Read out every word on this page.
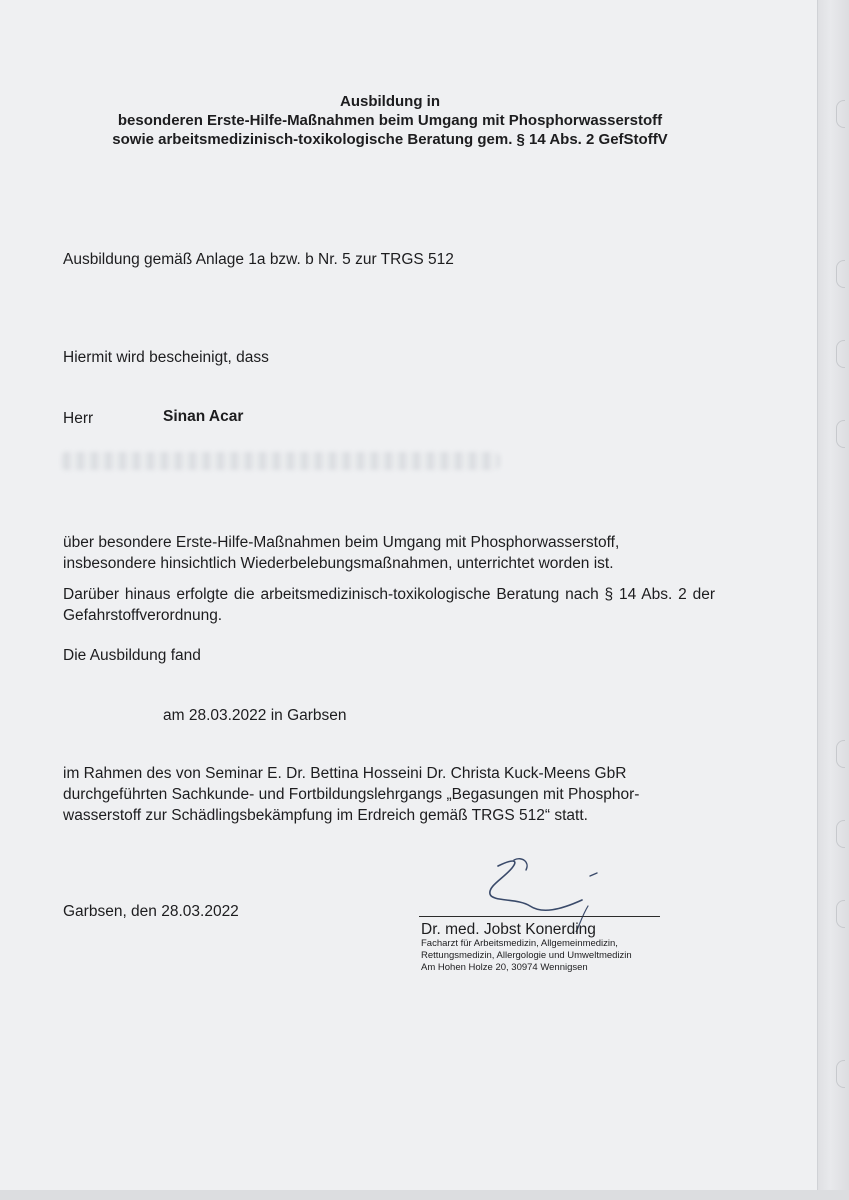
Ausbildung in
besonderen Erste-Hilfe-Maßnahmen beim Umgang mit Phosphorwasserstoff
sowie arbeitsmedizinisch-toxikologische Beratung gem. § 14 Abs. 2 GefStoffV
Ausbildung gemäß Anlage 1a bzw. b Nr. 5 zur TRGS 512
Hiermit wird bescheinigt, dass
Herr	Sinan Acar
über besondere Erste-Hilfe-Maßnahmen beim Umgang mit Phosphorwasserstoff,
insbesondere hinsichtlich Wiederbelebungsmaßnahmen, unterrichtet worden ist.
Darüber hinaus erfolgte die arbeitsmedizinisch-toxikologische Beratung nach § 14 Abs. 2 der Gefahrstoffverordnung.
Die Ausbildung fand
am 28.03.2022 in Garbsen
im Rahmen des von Seminar E. Dr. Bettina Hosseini Dr. Christa Kuck-Meens GbR
durchgeführten Sachkunde- und Fortbildungslehrgangs „Begasungen mit Phosphor-
wasserstoff zur Schädlingsbekämpfung im Erdreich gemäß TRGS 512“ statt.
Garbsen, den 28.03.2022
Dr. med. Jobst Konerding
Facharzt für Arbeitsmedizin, Allgemeinmedizin,
Rettungsmedizin, Allergologie und Umweltmedizin
Am Hohen Holze 20, 30974 Wennigsen
